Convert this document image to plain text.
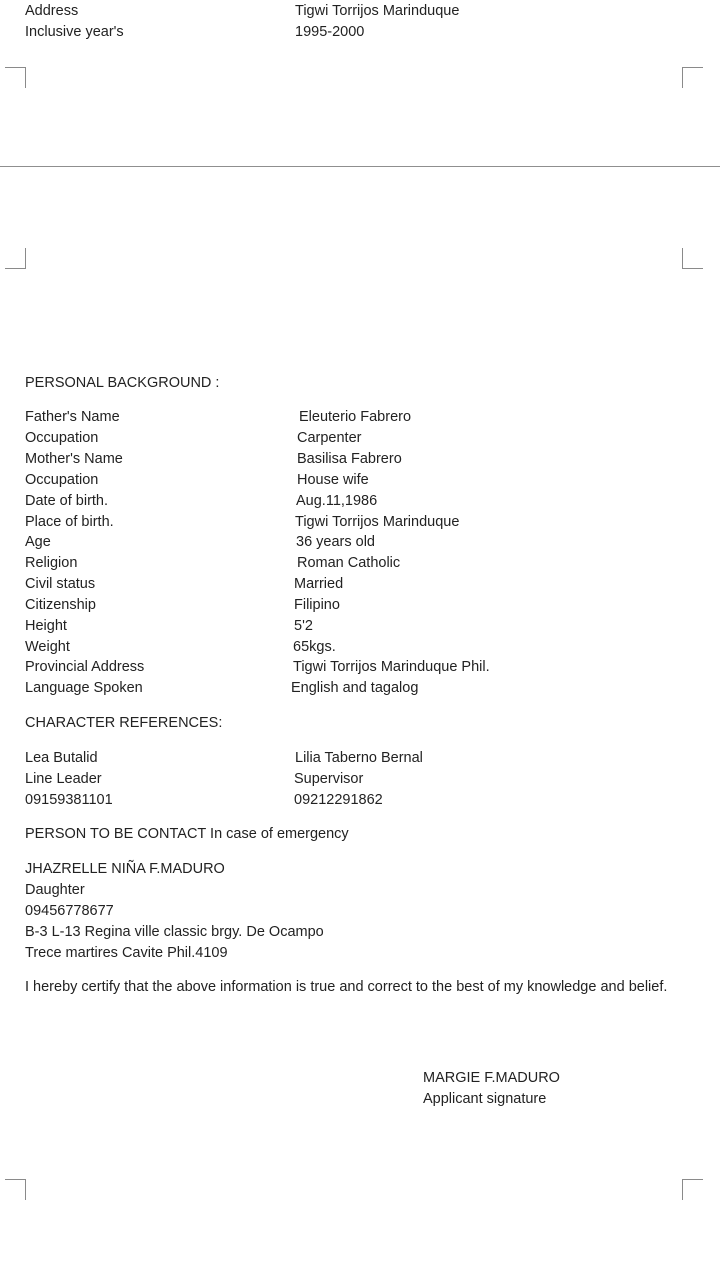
Address	Tigwi Torrijos Marinduque
Inclusive year's	1995-2000
PERSONAL BACKGROUND :
Father's Name	Eleuterio Fabrero
Occupation	Carpenter
Mother's Name	Basilisa Fabrero
Occupation	House wife
Date of birth.	Aug.11,1986
Place of birth.	Tigwi Torrijos Marinduque
Age	36 years old
Religion	Roman Catholic
Civil status	Married
Citizenship	Filipino
Height	5'2
Weight	65kgs.
Provincial Address	Tigwi Torrijos Marinduque Phil.
Language Spoken	English and tagalog
CHARACTER REFERENCES:
Lea Butalid	Lilia Taberno Bernal
Line Leader	Supervisor
09159381101	09212291862
PERSON TO BE CONTACT In case of emergency
JHAZRELLE NIÑA F.MADURO
Daughter
09456778677
B-3 L-13 Regina ville classic brgy. De Ocampo
Trece martires Cavite Phil.4109
I hereby certify that the above information is true and correct to the best of my knowledge and belief.
MARGIE F.MADURO
Applicant signature
